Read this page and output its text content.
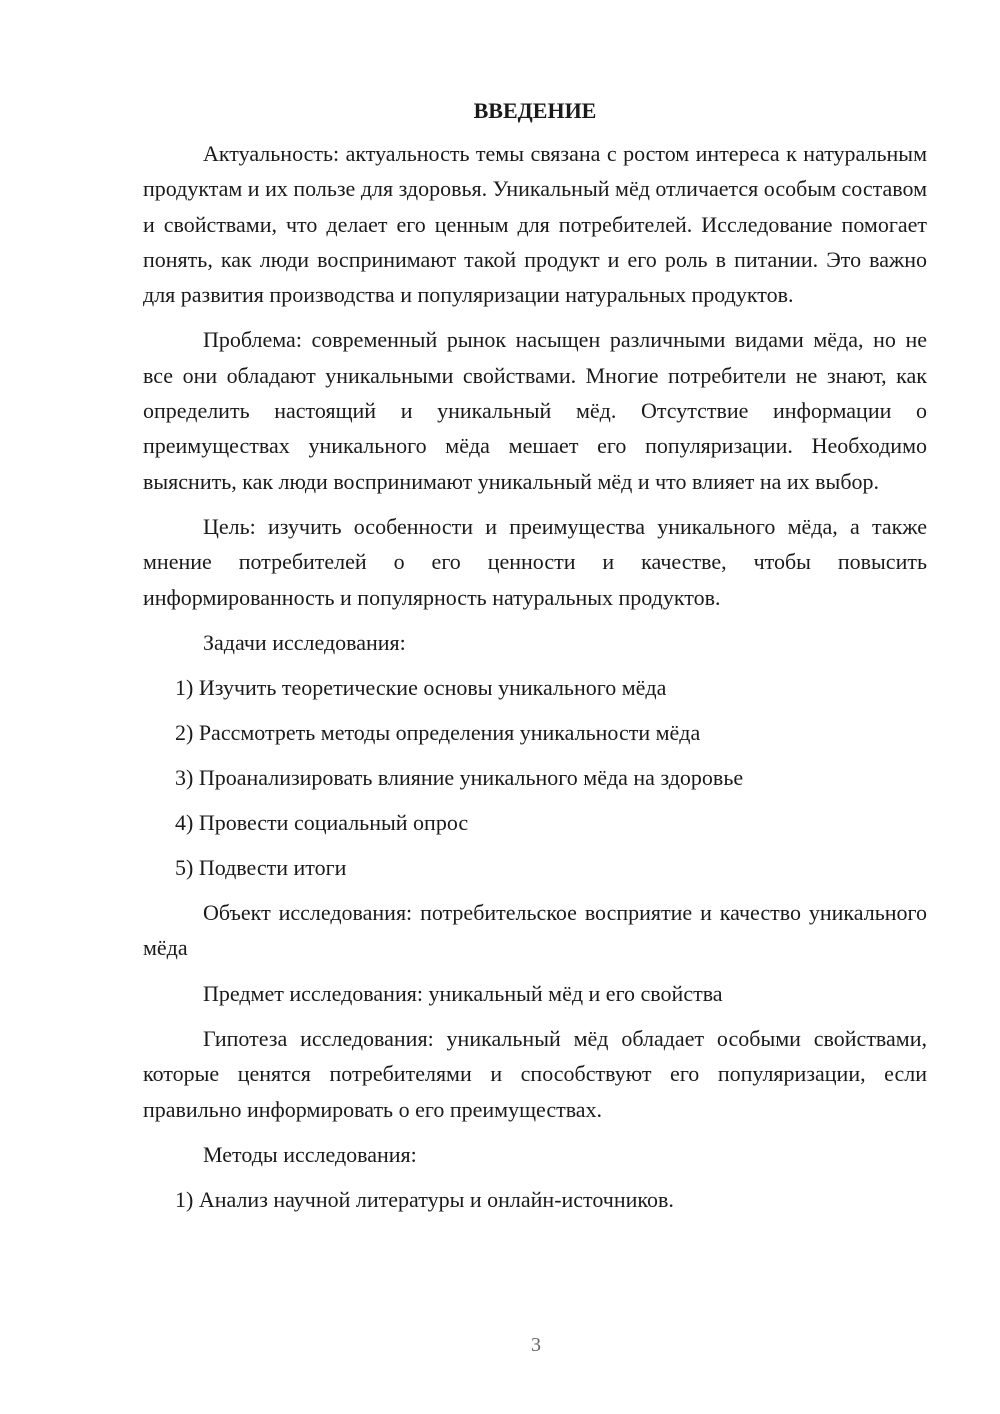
ВВЕДЕНИЕ

Актуальность: актуальность темы связана с ростом интереса к натуральным продуктам и их пользе для здоровья. Уникальный мёд отличается особым составом и свойствами, что делает его ценным для потребителей. Исследование помогает понять, как люди воспринимают такой продукт и его роль в питании. Это важно для развития производства и популяризации натуральных продуктов.

Проблема: современный рынок насыщен различными видами мёда, но не все они обладают уникальными свойствами. Многие потребители не знают, как определить настоящий и уникальный мёд. Отсутствие информации о преимуществах уникального мёда мешает его популяризации. Необходимо выяснить, как люди воспринимают уникальный мёд и что влияет на их выбор.

Цель: изучить особенности и преимущества уникального мёда, а также мнение потребителей о его ценности и качестве, чтобы повысить информированность и популярность натуральных продуктов.

Задачи исследования:

1) Изучить теоретические основы уникального мёда
2) Рассмотреть методы определения уникальности мёда
3) Проанализировать влияние уникального мёда на здоровье
4) Провести социальный опрос
5) Подвести итоги

Объект исследования: потребительское восприятие и качество уникального мёда

Предмет исследования: уникальный мёд и его свойства

Гипотеза исследования: уникальный мёд обладает особыми свойствами, которые ценятся потребителями и способствуют его популяризации, если правильно информировать о его преимуществах.

Методы исследования:

1) Анализ научной литературы и онлайн-источников.
3
